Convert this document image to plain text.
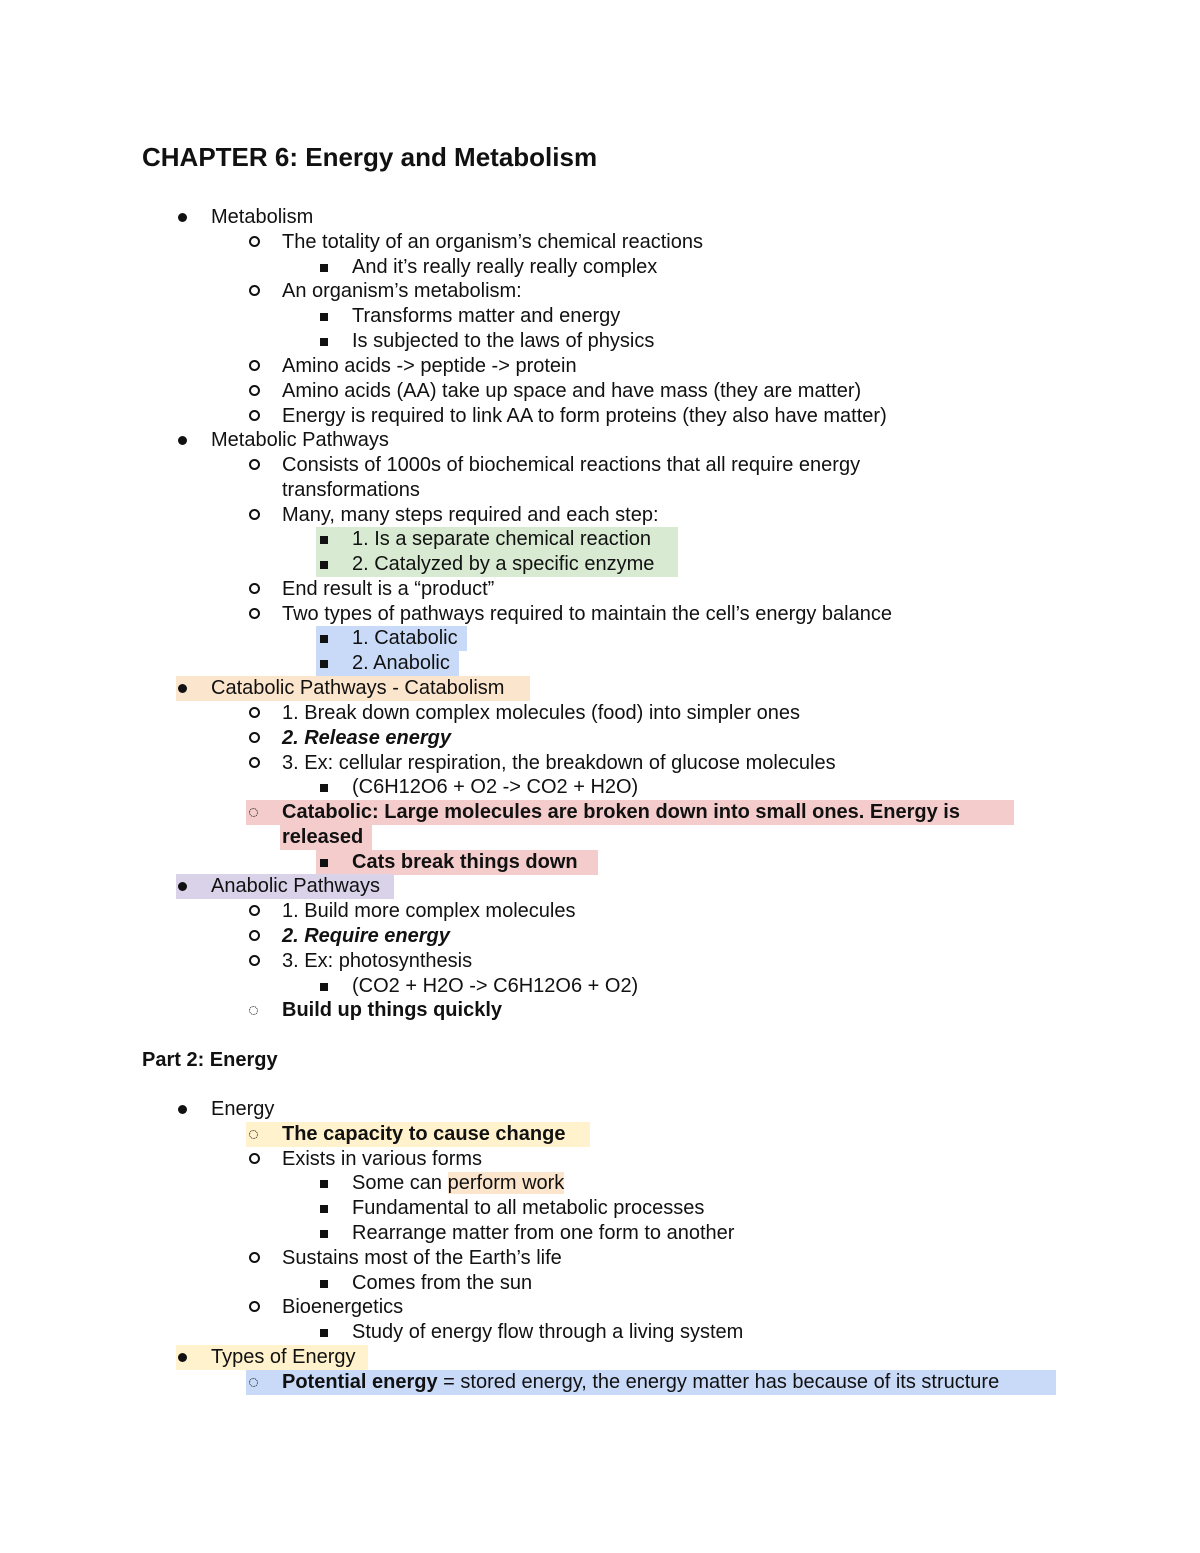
CHAPTER 6: Energy and Metabolism
Metabolism
The totality of an organism’s chemical reactions
And it’s really really really complex
An organism’s metabolism:
Transforms matter and energy
Is subjected to the laws of physics
Amino acids -> peptide -> protein
Amino acids (AA) take up space and have mass (they are matter)
Energy is required to link AA to form proteins (they also have matter)
Metabolic Pathways
Consists of 1000s of biochemical reactions that all require energy
transformations
Many, many steps required and each step:
1. Is a separate chemical reaction
2. Catalyzed by a specific enzyme
End result is a “product”
Two types of pathways required to maintain the cell’s energy balance
1. Catabolic
2. Anabolic
Catabolic Pathways - Catabolism
1. Break down complex molecules (food) into simpler ones
2. Release energy
3. Ex: cellular respiration, the breakdown of glucose molecules
(C6H12O6 + O2 -> CO2 + H2O)
Catabolic: Large molecules are broken down into small ones. Energy is
released
Cats break things down
Anabolic Pathways
1. Build more complex molecules
2. Require energy
3. Ex: photosynthesis
(CO2 + H2O -> C6H12O6 + O2)
Build up things quickly
Part 2: Energy
Energy
The capacity to cause change
Exists in various forms
Some can perform work
Fundamental to all metabolic processes
Rearrange matter from one form to another
Sustains most of the Earth’s life
Comes from the sun
Bioenergetics
Study of energy flow through a living system
Types of Energy
Potential energy = stored energy, the energy matter has because of its structure
